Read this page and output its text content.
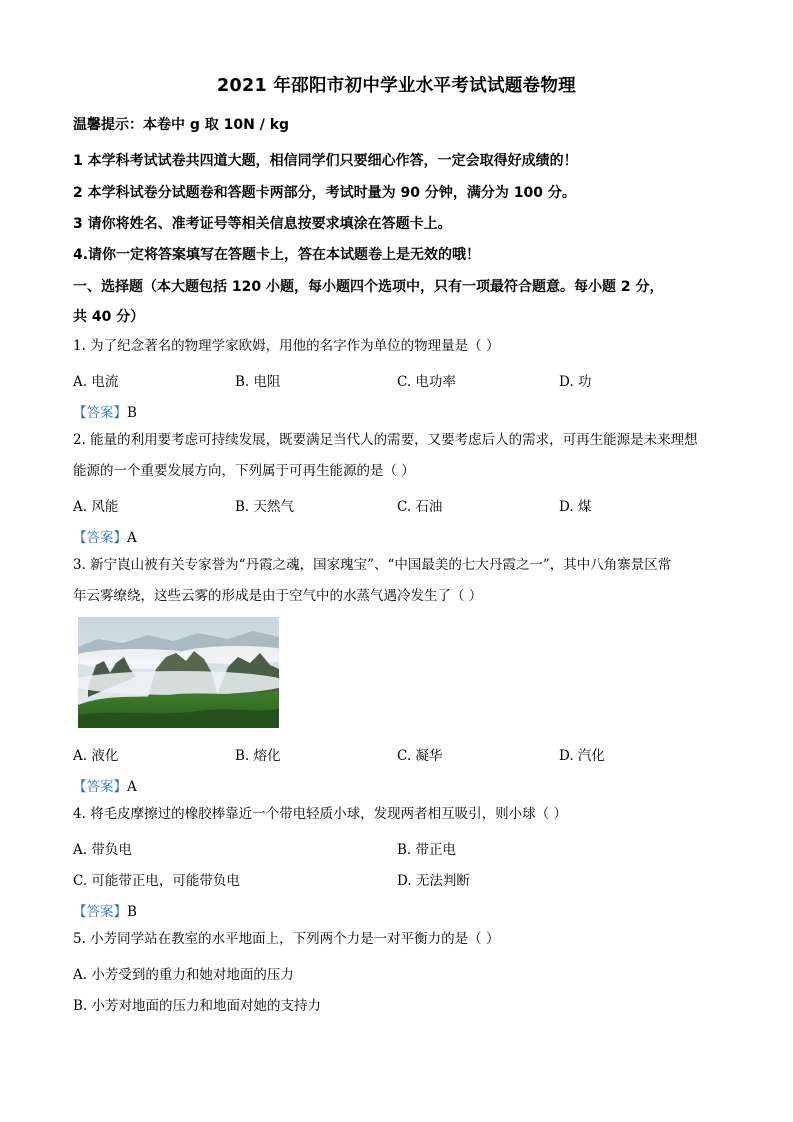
2021 年邵阳市初中学业水平考试试题卷物理
温馨提示：本卷中 g 取 10N / kg
1 本学科考试试卷共四道大题，相信同学们只要细心作答，一定会取得好成绩的！
2 本学科试卷分试题卷和答题卡两部分，考试时量为 90 分钟，满分为 100 分。
3 请你将姓名、准考证号等相关信息按要求填涂在答题卡上。
4.请你一定将答案填写在答题卡上，答在本试题卷上是无效的哦！
一、选择题（本大题包括 120 小题，每小题四个选项中，只有一项最符合题意。每小题 2 分，
共 40 分）
1. 为了纪念著名的物理学家欧姆，用他的名字作为单位的物理量是（ ）
A. 电流	B. 电阻	C. 电功率	D. 功
【答案】B
2. 能量的利用要考虑可持续发展，既要满足当代人的需要，又要考虑后人的需求，可再生能源是未来理想
能源的一个重要发展方向，下列属于可再生能源的是（ ）
A. 风能	B. 天然气	C. 石油	D. 煤
【答案】A
3. 新宁崀山被有关专家誉为“丹霞之魂，国家瑰宝”、“中国最美的七大丹霞之一”，其中八角寨景区常
年云雾缭绕，这些云雾的形成是由于空气中的水蒸气遇冷发生了（ ）
A. 液化	B. 熔化	C. 凝华	D. 汽化
【答案】A
4. 将毛皮摩擦过的橡胶棒靠近一个带电轻质小球，发现两者相互吸引，则小球（ ）
A. 带负电	B. 带正电
C. 可能带正电，可能带负电	D. 无法判断
【答案】B
5. 小芳同学站在教室的水平地面上，下列两个力是一对平衡力的是（ ）
A. 小芳受到的重力和她对地面的压力
B. 小芳对地面的压力和地面对她的支持力
